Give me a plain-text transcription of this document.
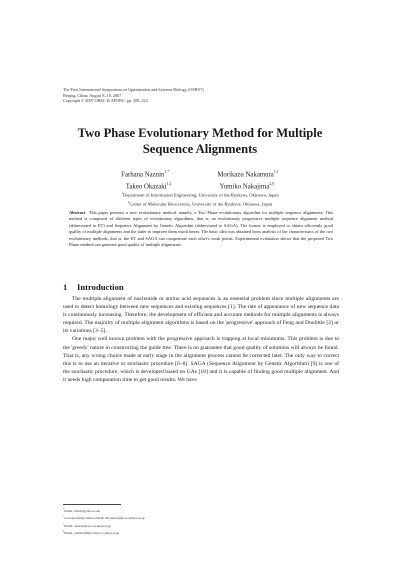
The First International Symposium on Optimization and Systems Biology (OSB'07)
Beijing, China, August 8–10, 2007
Copyright © 2007 ORSC & APORC, pp. 308–323
Two Phase Evolutionary Method for Multiple
Sequence Alignments
Farhana Naznin$^{1,*}$	Morikazu Nakamura$^{1,\dagger}$
Takeo Okazaki$^{1,\ddagger}$	Yumiko Nakajima$^{2,\S}$
$^1$Department of Information Engineering, University of the Ryukyus, Okinawa, Japan
$^2$Center of Molecular Biosciences, University of the Ryukyus, Okinawa, Japan
Abstract This paper presents a new evolutionary method, namely, a Two Phase evolutionary algorithm for multiple sequence alignments. This method is composed of different types of evolutionary algorithms, that is, an evolutionary progressive multiple sequence alignment method (abbreviated to ET) and Sequence Alignment by Genetic Algorithm (abbreviated to SAGA). The former is employed to obtain efficiently good quality of multiple alignments and the latter to improve them much better. The basic idea was obtained from analysis of the characteristics of the two evolutionary methods, that is, the ET and SAGA can compensate each other's weak points. Experimental evaluation shows that the proposed Two Phase method can generate good quality of multiple alignments.
1 Introduction

The multiple alignment of nucleotide or amino acid sequences is an essential problem since multiple alignments are used to detect homology between new sequences and existing sequences [1]. The rate of appearance of new sequence data is continuously increasing. Therefore, the development of efficient and accurate methods for multiple alignments is always required. The majority of multiple alignment algorithms is based on the 'progressive' approach of Feng and Doolittle [2] or its variations [3–5].

One major well known problem with the progressive approach is trapping at local minimums. This problem is due to the 'greedy' nature in constructing the guide tree. There is no guarantee that good quality of solutions will always be found. That is, any wrong choice made at early stage in the alignment process cannot be corrected later. The only way to correct this is to use an iterative or stochastic procedure [6–8]. SAGA (Sequence Alignment by Genetic Algorithm) [9] is one of the stochastic procedure, which is developed based on GAs [10] and it is capable of finding good multiple alignment. And it needs high computation time to get good results. We have

*Email: fnfnrr@yahoo.com
†Corresponding author. Email: Morikazu@ie.u-ryukyu.ac.jp
‡Email: okazaki@ie.u-ryukyu.ac.jp
§Email: yumiko28@comb.u-ryukyu.ac.jp
